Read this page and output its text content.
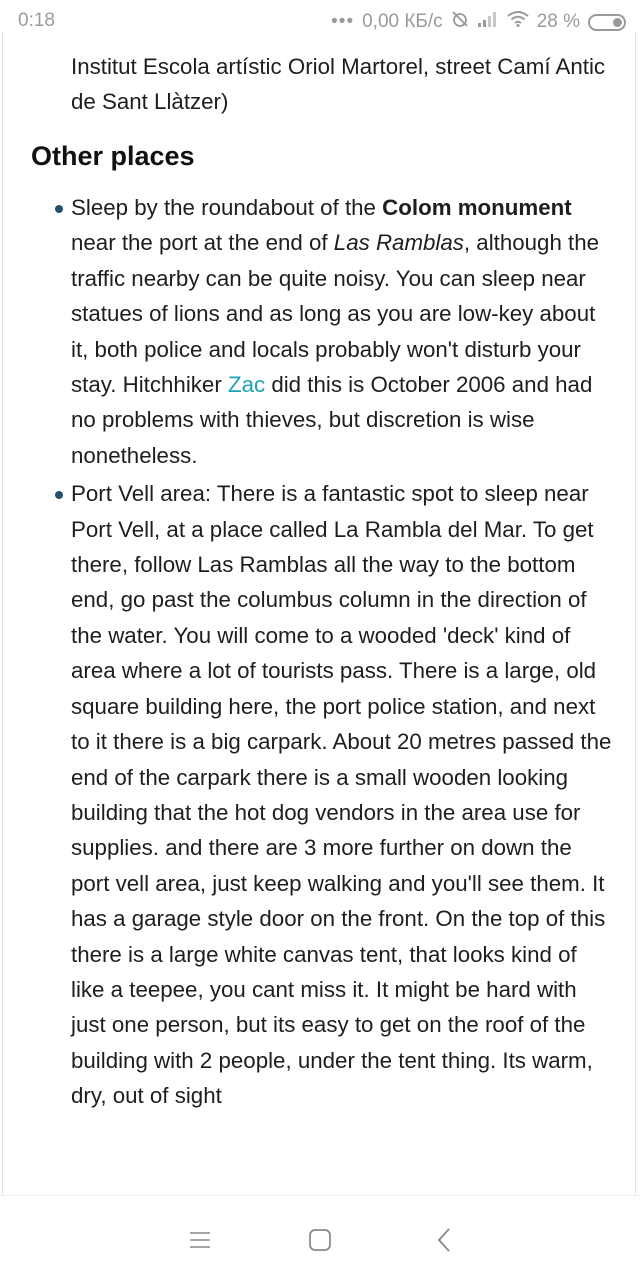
0:18	••• 0,00 КБ/с	28 %
Institut Escola artístic Oriol Martorel, street Camí Antic de Sant Llàtzer)
Other places
Sleep by the roundabout of the Colom monument near the port at the end of Las Ramblas, although the traffic nearby can be quite noisy. You can sleep near statues of lions and as long as you are low-key about it, both police and locals probably won't disturb your stay. Hitchhiker Zac did this is October 2006 and had no problems with thieves, but discretion is wise nonetheless.
Port Vell area: There is a fantastic spot to sleep near Port Vell, at a place called La Rambla del Mar. To get there, follow Las Ramblas all the way to the bottom end, go past the columbus column in the direction of the water. You will come to a wooded 'deck' kind of area where a lot of tourists pass. There is a large, old square building here, the port police station, and next to it there is a big carpark. About 20 metres passed the end of the carpark there is a small wooden looking building that the hot dog vendors in the area use for supplies. and there are 3 more further on down the port vell area, just keep walking and you'll see them. It has a garage style door on the front. On the top of this there is a large white canvas tent, that looks kind of like a teepee, you cant miss it. It might be hard with just one person, but its easy to get on the roof of the building with 2 people, under the tent thing. Its warm, dry, out of sight
